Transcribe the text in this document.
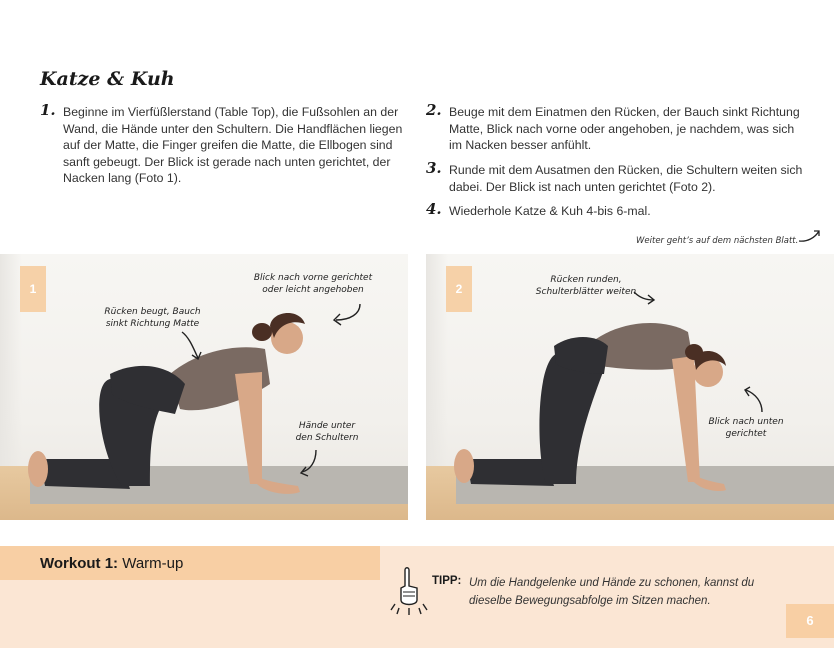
Katze & Kuh
1. Beginne im Vierfüßlerstand (Table Top), die Fußsohlen an der Wand, die Hände unter den Schultern. Die Handflächen liegen auf der Matte, die Finger greifen die Matte, die Ellbogen sind sanft gebeugt. Der Blick ist gerade nach unten gerichtet, der Nacken lang (Foto 1).
2. Beuge mit dem Einatmen den Rücken, der Bauch sinkt Richtung Matte, Blick nach vorne oder angehoben, je nachdem, was sich im Nacken besser anfühlt.
3. Runde mit dem Ausatmen den Rücken, die Schultern weiten sich dabei. Der Blick ist nach unten gerichtet (Foto 2).
4. Wiederhole Katze & Kuh 4-bis 6-mal.
Weiter geht’s auf dem nächsten Blatt.
1
Blick nach vorne gerichtet
oder leicht angehoben
Rücken beugt, Bauch
sinkt Richtung Matte
Hände unter
den Schultern
2
Rücken runden,
Schulterblätter weiten
Blick nach unten
gerichtet
Workout 1: Warm-up
TIPP: Um die Handgelenke und Hände zu schonen, kannst du dieselbe Bewegungsabfolge im Sitzen machen.
6
